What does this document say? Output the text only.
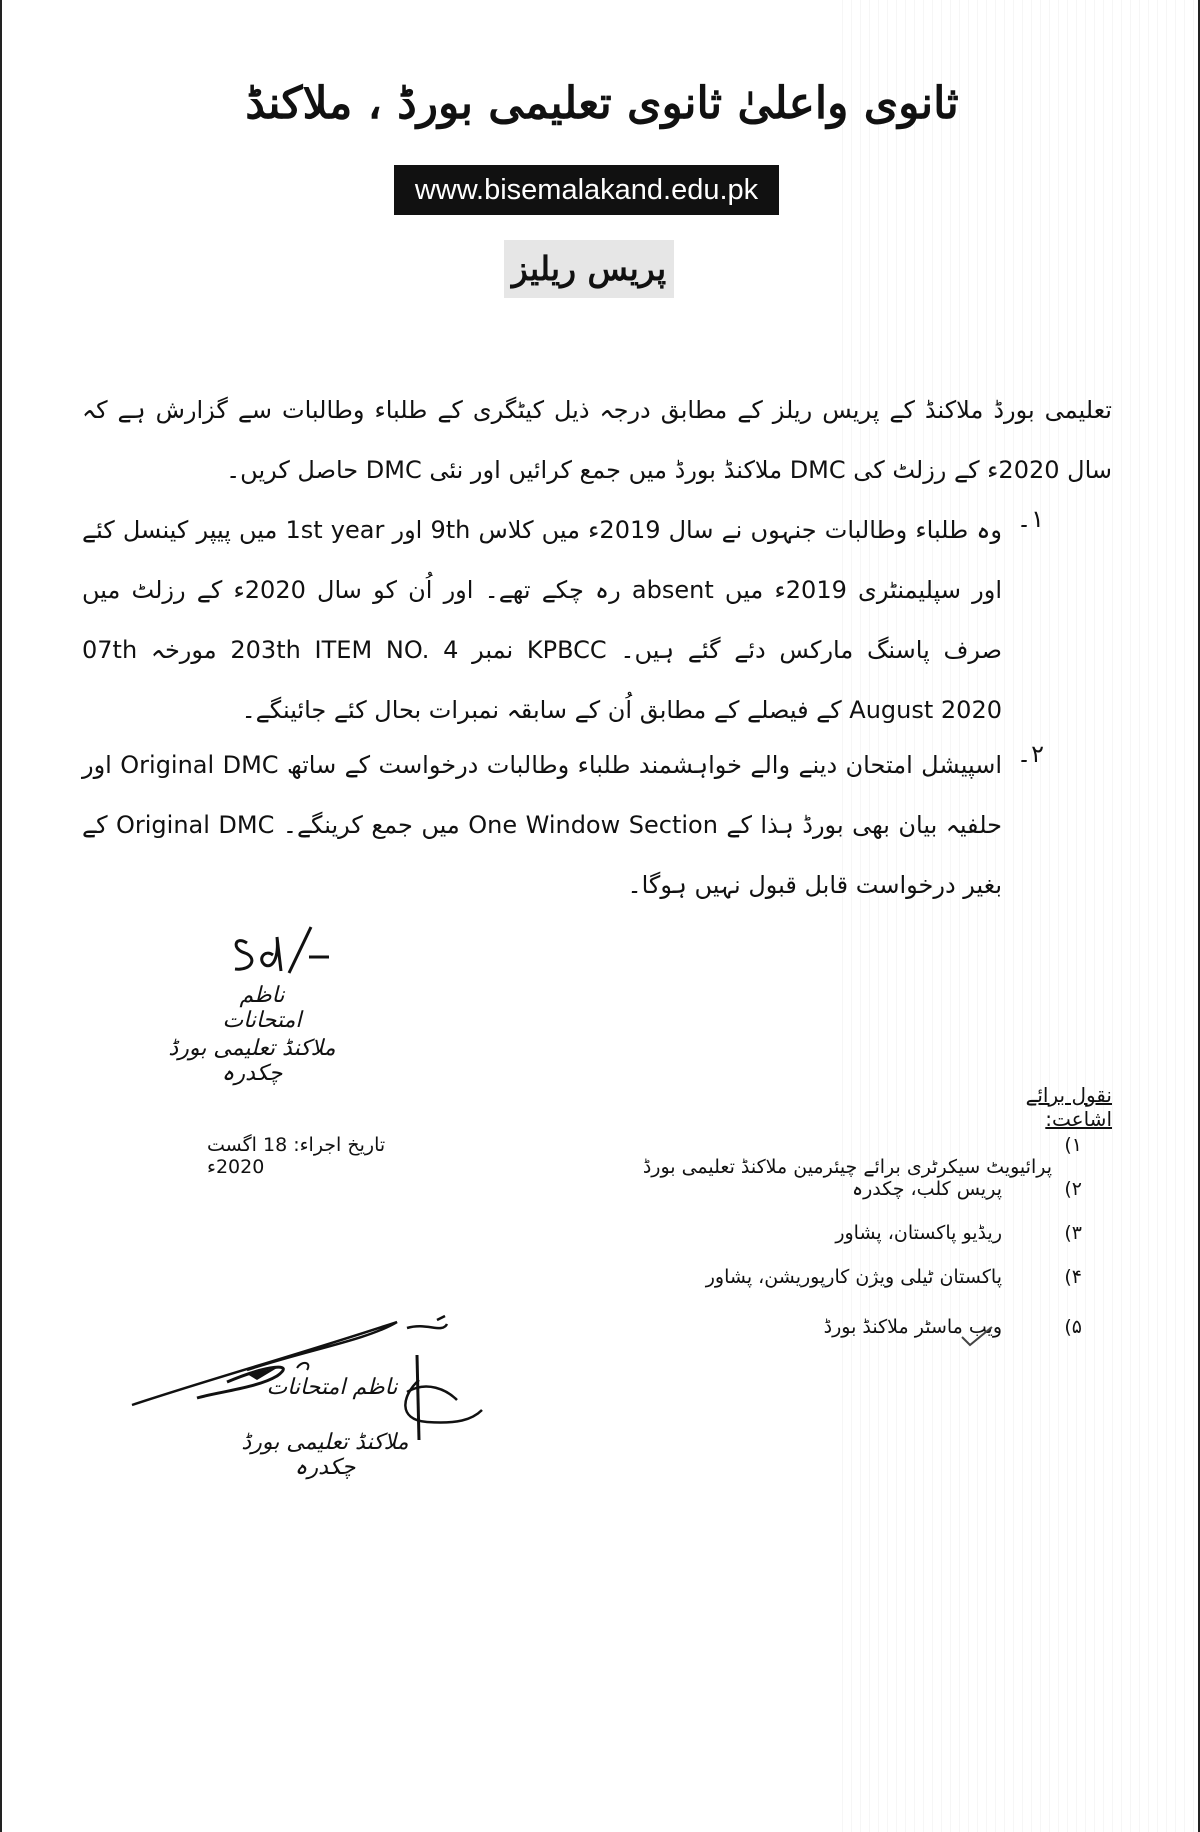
ثانوی واعلیٰ ثانوی تعلیمی بورڈ ، ملاکنڈ
www.bisemalakand.edu.pk
پریس ریلیز
تعلیمی بورڈ ملاکنڈ کے پریس ریلز کے مطابق درجہ ذیل کیٹگری کے طلباء وطالبات سے گزارش ہے کہ سال 2020ء کے رزلٹ کی DMC ملاکنڈ بورڈ میں جمع کرائیں اور نئی DMC حاصل کریں۔
۱۔
وہ طلباء وطالبات جنہوں نے سال 2019ء میں کلاس 9th اور 1st year میں پیپر کینسل کئے اور سپلیمنٹری 2019ء میں absent رہ چکے تھے۔ اور اُن کو سال 2020ء کے رزلٹ میں صرف پاسنگ مارکس دئے گئے ہیں۔ KPBCC نمبر 203th ITEM NO. 4 مورخہ 07th August 2020 کے فیصلے کے مطابق اُن کے سابقہ نمبرات بحال کئے جائینگے۔
۲۔
اسپیشل امتحان دینے والے خواہشمند طلباء وطالبات درخواست کے ساتھ Original DMC اور حلفیہ بیان بھی بورڈ ہذا کے One Window Section میں جمع کرینگے۔ Original DMC کے بغیر درخواست قابل قبول نہیں ہوگا۔
ناظم امتحانات
ملاکنڈ تعلیمی بورڈ چکدرہ
نقول برائے اشاعت:
تاریخ اجراء: 18 اگست 2020ء
۱)پرائیویٹ سیکرٹری برائے چیئرمین ملاکنڈ تعلیمی بورڈ
۲)پریس کلب، چکدرہ
۳)ریڈیو پاکستان، پشاور
۴)پاکستان ٹیلی ویژن کارپوریشن، پشاور
۵)ویب ماسٹر ملاکنڈ بورڈ
ناظم امتحانات
ملاکنڈ تعلیمی بورڈ چکدرہ
